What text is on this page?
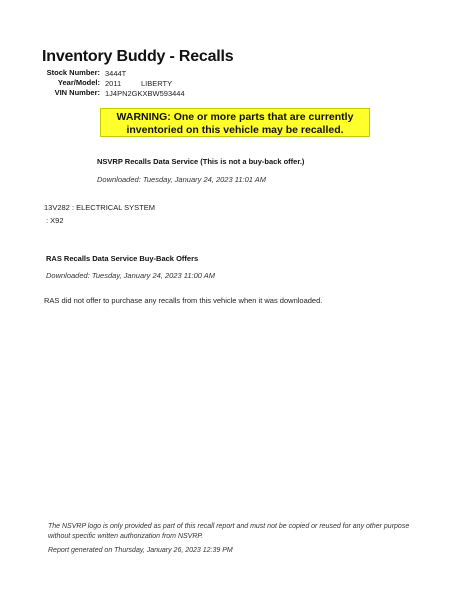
Inventory Buddy - Recalls
Stock Number: 3444T
Year/Model: 2011	LIBERTY
VIN Number: 1J4PN2GKXBW593444
WARNING: One or more parts that are currently
inventoried on this vehicle may be recalled.
NSVRP Recalls Data Service (This is not a buy-back offer.)
Downloaded: Tuesday, January 24, 2023 11:01 AM
13V282 : ELECTRICAL SYSTEM
: X92
RAS Recalls Data Service Buy-Back Offers
Downloaded: Tuesday, January 24, 2023 11:00 AM
RAS did not offer to purchase any recalls from this vehicle when it was downloaded.
The NSVRP logo is only provided as part of this recall report and must not be copied or reused for any other purpose without specific written authorization from NSVRP.
Report generated on Thursday, January 26, 2023 12:39 PM
